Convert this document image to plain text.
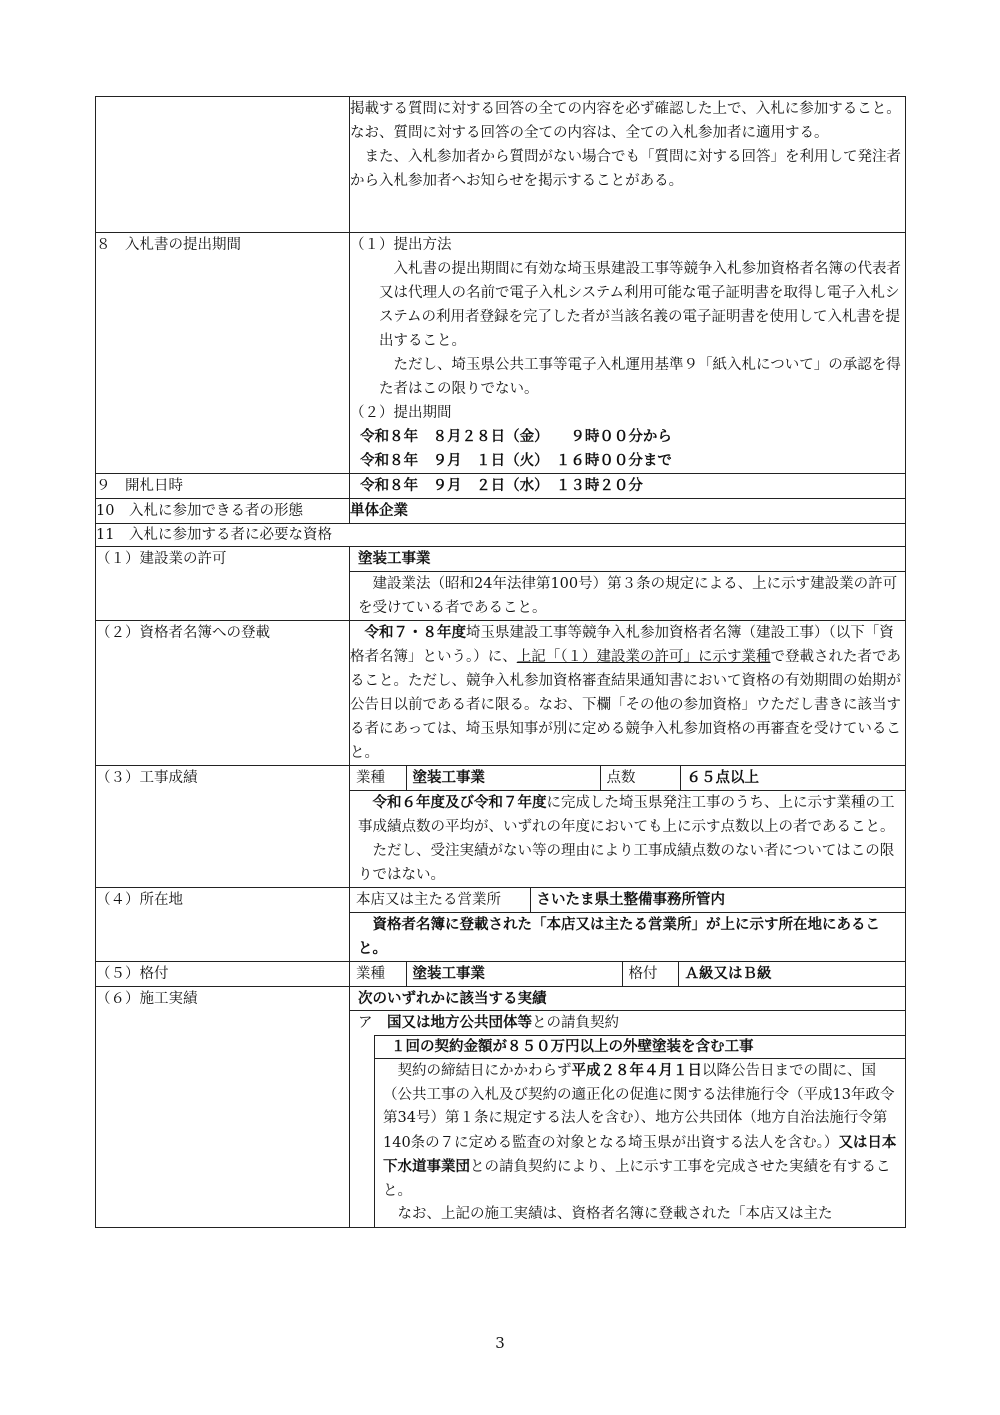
掲載する質問に対する回答の全ての内容を必ず確認した上で、入札に参加すること。なお、質問に対する回答の全ての内容は、全ての入札参加者に適用する。

また、入札参加者から質問がない場合でも「質問に対する回答」を利用して発注者から入札参加者へお知らせを掲示することがある。

８　入札書の提出期間	（１）提出方法

入札書の提出期間に有効な埼玉県建設工事等競争入札参加資格者名簿の代表者又は代理人の名前で電子入札システム利用可能な電子証明書を取得し電子入札システムの利用者登録を完了した者が当該名義の電子証明書を使用して入札書を提出すること。

ただし、埼玉県公共工事等電子入札運用基準９「紙入札について」の承認を得た者はこの限りでない。

（２）提出期間

令和８年　８月２８日（金）　　９時００分から

令和８年　９月　１日（火）　１６時００分まで

９　開札日時	令和８年　９月　２日（水）　１３時２０分
10　入札に参加できる者の形態	単体企業
11　入札に参加する者に必要な資格
（１）建設業の許可	塗装工事業
建設業法（昭和24年法律第100号）第３条の規定による、上に示す建設業の許可を受けている者であること。

（２）資格者名簿への登載	令和７・８年度埼玉県建設工事等競争入札参加資格者名簿（建設工事）（以下「資格者名簿」という。）に、上記「（１）建設業の許可」に示す業種で登載された者であること。ただし、競争入札参加資格審査結果通知書において資格の有効期間の始期が公告日以前である者に限る。なお、下欄「その他の参加資格」ウただし書きに該当する者にあっては、埼玉県知事が別に定める競争入札参加資格の再審査を受けていること。
（３）工事成績		業種	塗装工事業	点数	６５点以上

令和６年度及び令和７年度に完成した埼玉県発注工事のうち、上に示す業種の工事成績点数の平均が、いずれの年度においても上に示す点数以上の者であること。

ただし、受注実績がない等の理由により工事成績点数のない者についてはこの限りではない。

（４）所在地		本店又は主たる営業所	さいたま県土整備事務所管内
資格者名簿に登載された「本店又は主たる営業所」が上に示す所在地にあること。

（５）格付		業種	塗装工事業	格付	Ａ級又はＢ級

（６）施工実績	次のいずれかに該当する実績
ア　国又は地方公共団体等との請負契約
１回の契約金額が８５０万円以上の外壁塗装を含む工事

契約の締結日にかかわらず平成２８年４月１日以降公告日までの間に、国（公共工事の入札及び契約の適正化の促進に関する法律施行令（平成13年政令第34号）第１条に規定する法人を含む）、地方公共団体（地方自治法施行令第140条の７に定める監査の対象となる埼玉県が出資する法人を含む。）又は日本下水道事業団との請負契約により、上に示す工事を完成させた実績を有すること。

なお、上記の施工実績は、資格者名簿に登載された「本店又は主た

3
